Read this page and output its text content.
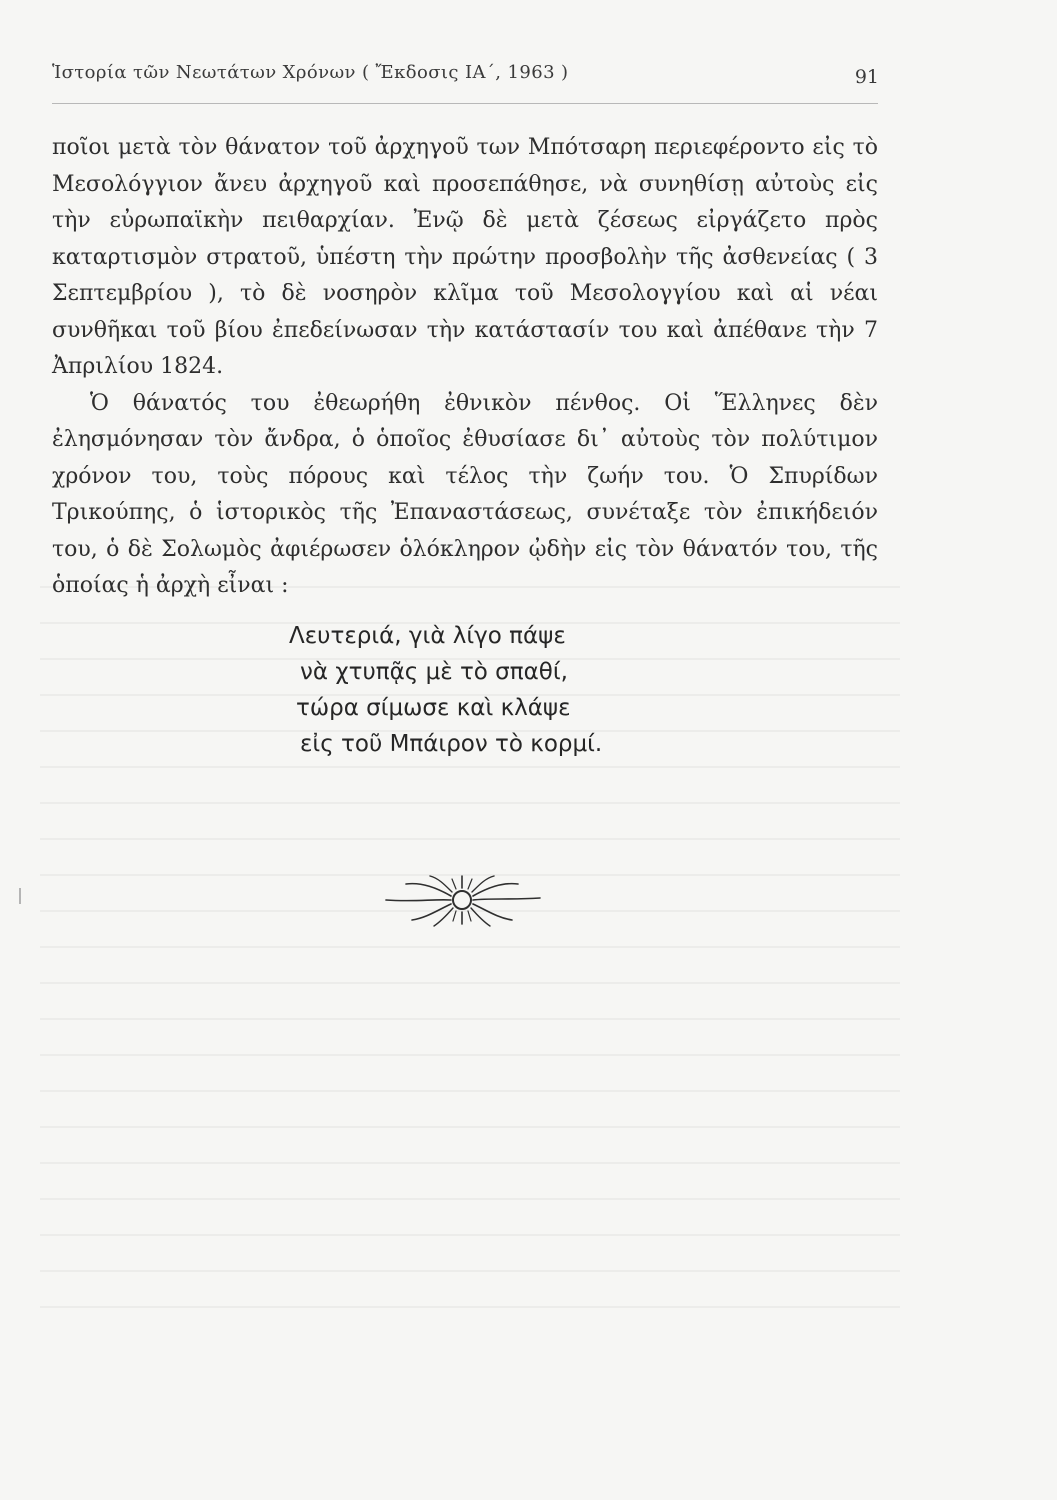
Ἱστορία τῶν Νεωτάτων Χρόνων ( Ἔκδοσις ΙΑ΄, 1963 )	91

ποῖοι μετὰ τὸν θάνατον τοῦ ἀρχηγοῦ των Μπότσαρη περιεφέροντο εἰς τὸ Μεσολόγγιον ἄνευ ἀρχηγοῦ καὶ προσεπάθησε, νὰ συνηθίσῃ αὐτοὺς εἰς τὴν εὐρωπαϊκὴν πειθαρχίαν. Ἐνῷ δὲ μετὰ ζέσεως εἰργάζετο πρὸς καταρτισμὸν στρατοῦ, ὑπέστη τὴν πρώτην προσβολὴν τῆς ἀσθενείας ( 3 Σεπτεμβρίου ), τὸ δὲ νοσηρὸν κλῖμα τοῦ Μεσολογγίου καὶ αἱ νέαι συνθῆκαι τοῦ βίου ἐπεδείνωσαν τὴν κατάστασίν του καὶ ἀπέθανε τὴν 7 Ἀπριλίου 1824.

Ὁ θάνατός του ἐθεωρήθη ἐθνικὸν πένθος. Οἱ Ἕλληνες δὲν ἐλησμόνησαν τὸν ἄνδρα, ὁ ὁποῖος ἐθυσίασε δι᾽ αὐτοὺς τὸν πολύτιμον χρόνον του, τοὺς πόρους καὶ τέλος τὴν ζωήν του. Ὁ Σπυρίδων Τρικούπης, ὁ ἱστορικὸς τῆς Ἐπαναστάσεως, συνέταξε τὸν ἐπικήδειόν του, ὁ δὲ Σολωμὸς ἀφιέρωσεν ὁλόκληρον ᾠδὴν εἰς τὸν θάνατόν του, τῆς ὁποίας ἡ ἀρχὴ εἶναι :

Λευτεριά, γιὰ λίγο πάψε
νὰ χτυπᾷς μὲ τὸ σπαθί,
τώρα σίμωσε καὶ κλάψε
εἰς τοῦ Μπάιρον τὸ κορμί.
